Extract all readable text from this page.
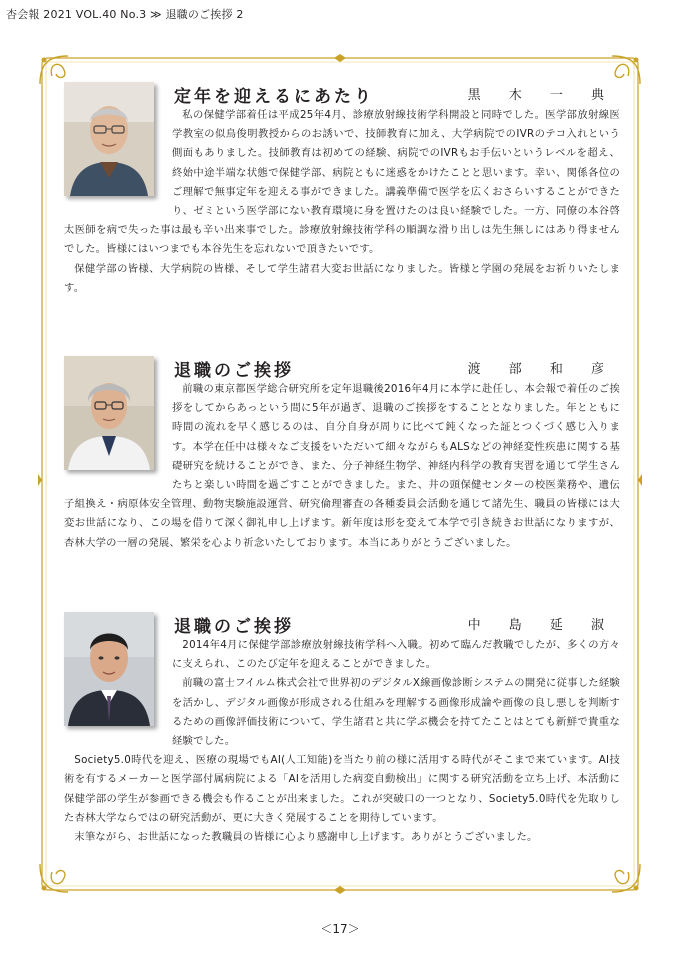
杏会報 2021 VOL.40 No.3 ≫ 退職のご挨拶 2
定年を迎えるにあたり	黒 木 一 典

私の保健学部着任は平成25年4月、診療放射線技術学科開設と同時でした。医学部放射線医学教室の似鳥俊明教授からのお誘いで、技師教育に加え、大学病院でのIVRのテコ入れという側面もありました。技師教育は初めての経験、病院でのIVRもお手伝いというレベルを超え、終始中途半端な状態で保健学部、病院ともに迷惑をかけたことと思います。幸い、関係各位のご理解で無事定年を迎える事ができました。講義準備で医学を広くおさらいすることができたり、ゼミという医学部にない教育環境に身を置けたのは良い経験でした。一方、同僚の本谷啓太医師を病で失った事は最も辛い出来事でした。診療放射線技術学科の順調な滑り出しは先生無しにはあり得ませんでした。皆様にはいつまでも本谷先生を忘れないで頂きたいです。

保健学部の皆様、大学病院の皆様、そして学生諸君大変お世話になりました。皆様と学園の発展をお祈りいたします。

退職のご挨拶	渡 部 和 彦

前職の東京都医学総合研究所を定年退職後2016年4月に本学に赴任し、本会報で着任のご挨拶をしてからあっという間に5年が過ぎ、退職のご挨拶をすることとなりました。年とともに時間の流れを早く感じるのは、自分自身が周りに比べて鈍くなった証とつくづく感じ入ります。本学在任中は様々なご支援をいただいて細々ながらもALSなどの神経変性疾患に関する基礎研究を続けることができ、また、分子神経生物学、神経内科学の教育実習を通じて学生さんたちと楽しい時間を過ごすことができました。また、井の頭保健センターの校医業務や、遺伝子組換え・病原体安全管理、動物実験施設運営、研究倫理審査の各種委員会活動を通じて諸先生、職員の皆様には大変お世話になり、この場を借りて深く御礼申し上げます。新年度は形を変えて本学で引き続きお世話になりますが、杏林大学の一層の発展、繁栄を心より祈念いたしております。本当にありがとうございました。

退職のご挨拶	中 島 延 淑

2014年4月に保健学部診療放射線技術学科へ入職。初めて臨んだ教職でしたが、多くの方々に支えられ、このたび定年を迎えることができました。

前職の富士フイルム株式会社で世界初のデジタルX線画像診断システムの開発に従事した経験を活かし、デジタル画像が形成される仕組みを理解する画像形成論や画像の良し悪しを判断するための画像評価技術について、学生諸君と共に学ぶ機会を持てたことはとても新鮮で貴重な経験でした。

Society5.0時代を迎え、医療の現場でもAI(人工知能)を当たり前の様に活用する時代がそこまで来ています。AI技術を有するメーカーと医学部付属病院による「AIを活用した病変自動検出」に関する研究活動を立ち上げ、本活動に保健学部の学生が参画できる機会も作ることが出来ました。これが突破口の一つとなり、Society5.0時代を先取りした杏林大学ならではの研究活動が、更に大きく発展することを期待しています。

末筆ながら、お世話になった教職員の皆様に心より感謝申し上げます。ありがとうございました。

＜17＞
